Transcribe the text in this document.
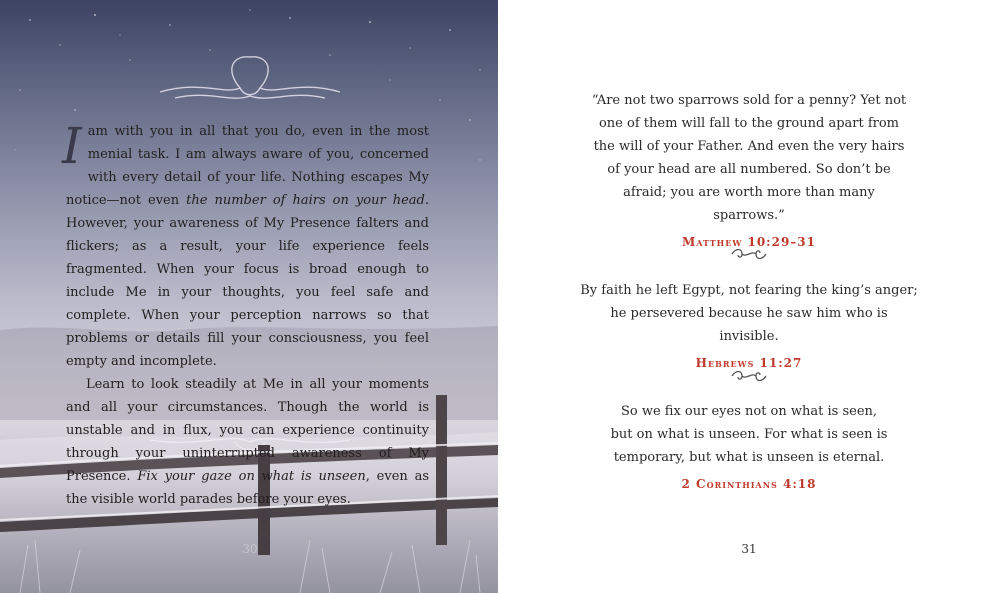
Iam with you in all that you do, even in the most menial task. I am always aware of you, concerned with every detail of your life. Nothing escapes My notice—not even the number of hairs on your head. However, your awareness of My Presence falters and flickers; as a result, your life experience feels fragmented. When your focus is broad enough to include Me in your thoughts, you feel safe and complete. When your perception narrows so that problems or details fill your consciousness, you feel empty and incomplete.

Learn to look steadily at Me in all your moments and all your circumstances. Though the world is unstable and in flux, you can experience continuity through your uninterrupted awareness of My Presence. Fix your gaze on what is unseen, even as the visible world parades before your eyes.

30
“Are not two sparrows sold for a penny? Yet not one of them will fall to the ground apart from the will of your Father. And even the very hairs of your head are all numbered. So don’t be afraid; you are worth more than many sparrows.”
Matthew 10:29–31
By faith he left Egypt, not fearing the king’s anger; he persevered because he saw him who is invisible.
Hebrews 11:27
So we fix our eyes not on what is seen, but on what is unseen. For what is seen is temporary, but what is unseen is eternal.
2 Corinthians 4:18
31
